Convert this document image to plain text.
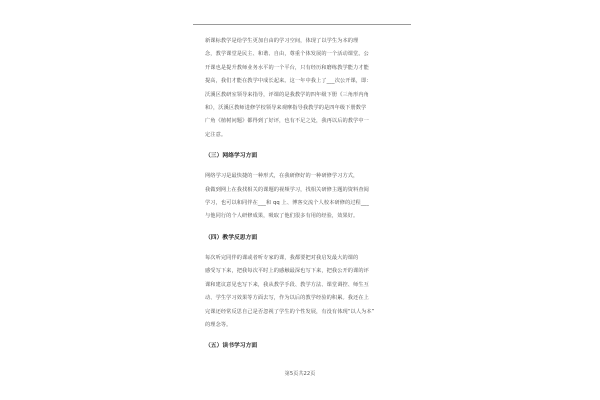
新课标教学是给学生更加自由的学习空间，体现了以学生为本的理
念，教学课堂是民主、和谐、自由，尊重个体发展的一个活动课堂。公
开课也是提升教师业务水平的一个平台，只有经历和磨练教学能力才能
提高，我们才能在教学中成长起来。这一年中我上了___次公开课，即：
沃溪区教研室领导来指导，评课的是我教学的四年级下册《三角形内角
和》，沃溪区教师进修学校领导来观摩指导我教学的是四年级下册数学
广角《植树问题》都得到了好评，也有不足之处，我再以后的教学中一
定注意。

（三）网络学习方面

网络学习是最快捷的一种形式，在我研修好的一种研修学习方式，
我做到网上在我找相关的课题的视频学习，找相关研修主题的资料查阅
学习，也可以和同伴在___和 qq 上、博客交流个人校本研修的过程___
与他同行的个人研修成果，吸取了他们很多有用的经验，效果好。

（四）教学反思方面

每次听完同伴的课或者听专家的课，我都要把对我启发最大的课的
感受写下来，把我每次平时上的感触最深也写下来，把我公开的课的评
课和建议意见也写下来，我从教学手段、教学方法、课堂调控、师生互
动、学生学习效果等方面去写，作为以后的教学经验的积累。我还在上
完课还经常反思自己是否忽视了学生的个性发展，有没有体现“以人为本”
的理念等。

（五）读书学习方面
第5页共22页
